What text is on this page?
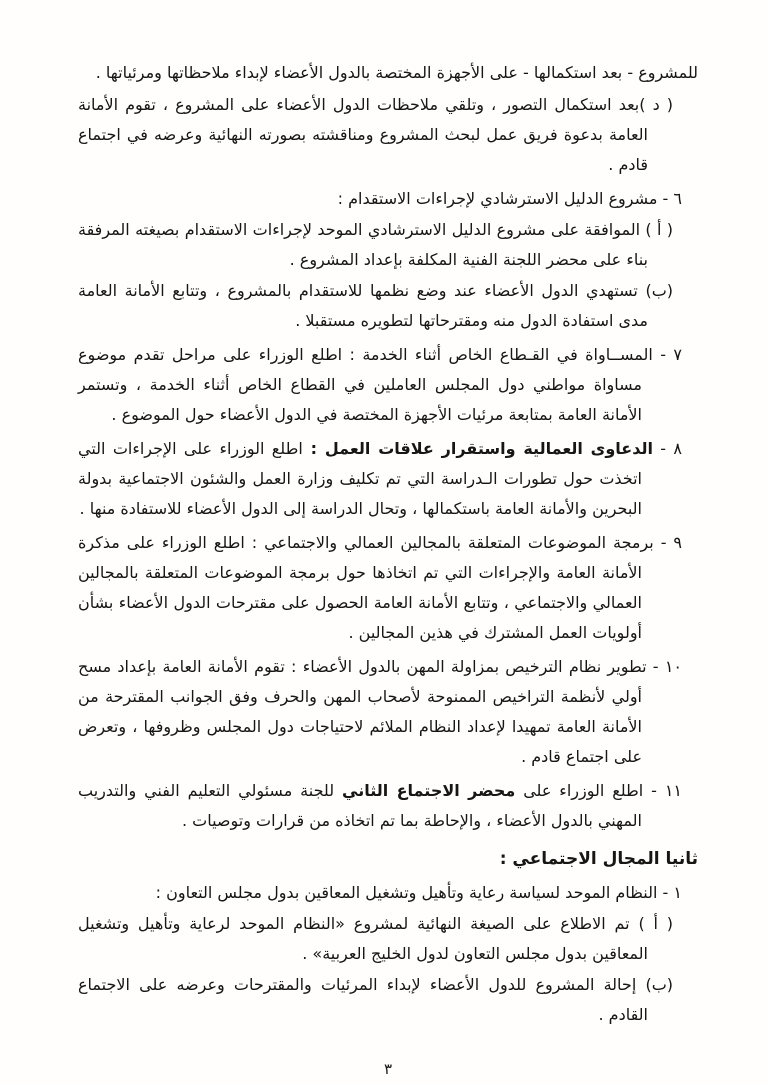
للمشروع - بعد استكمالها - على الأجهزة المختصة بالدول الأعضاء لإبداء ملاحظاتها ومرئياتها .

( د )بعد استكمال التصور ، وتلقي ملاحظات الدول الأعضاء على المشروع ، تقوم الأمانة العامة بدعوة فريق عمل لبحث المشروع ومناقشته بصورته النهائية وعرضه في اجتماع قادم .

٦ - مشروع الدليل الاسترشادي لإجراءات الاستقدام :

( أ ) الموافقة على مشروع الدليل الاسترشادي الموحد لإجراءات الاستقدام بصيغته المرفقة بناء على محضر اللجنة الفنية المكلفة بإعداد المشروع .

(ب) تستهدي الدول الأعضاء عند وضع نظمها للاستقدام بالمشروع ، وتتابع الأمانة العامة مدى استفادة الدول منه ومقترحاتها لتطويره مستقبلا .

٧ - المســاواة في القـطاع الخاص أثناء الخدمة : اطلع الوزراء على مراحل تقدم موضوع مساواة مواطني دول المجلس العاملين في القطاع الخاص أثناء الخدمة ، وتستمر الأمانة العامة بمتابعة مرئيات الأجهزة المختصة في الدول الأعضاء حول الموضوع .

٨ - الدعاوى العمالية واستقرار علاقات العمل : اطلع الوزراء على الإجراءات التي اتخذت حول تطورات الـدراسة التي تم تكليف وزارة العمل والشئون الاجتماعية بدولة البحرين والأمانة العامة باستكمالها ، وتحال الدراسة إلى الدول الأعضاء للاستفادة منها .

٩ - برمجة الموضوعات المتعلقة بالمجالين العمالي والاجتماعي : اطلع الوزراء على مذكرة الأمانة العامة والإجراءات التي تم اتخاذها حول برمجة الموضوعات المتعلقة بالمجالين العمالي والاجتماعي ، وتتابع الأمانة العامة الحصول على مقترحات الدول الأعضاء بشأن أولويات العمل المشترك في هذين المجالين .

١٠ - تطوير نظام الترخيص بمزاولة المهن بالدول الأعضاء : تقوم الأمانة العامة بإعداد مسح أولي لأنظمة التراخيص الممنوحة لأصحاب المهن والحرف وفق الجوانب المقترحة من الأمانة العامة تمهيدا لإعداد النظام الملائم لاحتياجات دول المجلس وظروفها ، وتعرض على اجتماع قادم .

١١ - اطلع الوزراء على محضر الاجتماع الثاني للجنة مسئولي التعليم الفني والتدريب المهني بالدول الأعضاء ، والإحاطة بما تم اتخاذه من قرارات وتوصيات .

ثانيا المجال الاجتماعي :

١ - النظام الموحد لسياسة رعاية وتأهيل وتشغيل المعاقين بدول مجلس التعاون :

( أ ) تم الاطلاع على الصيغة النهائية لمشروع «النظام الموحد لرعاية وتأهيل وتشغيل المعاقين بدول مجلس التعاون لدول الخليج العربية» .

(ب) إحالة المشروع للدول الأعضاء لإبداء المرئيات والمقترحات وعرضه على الاجتماع القادم .

٣
